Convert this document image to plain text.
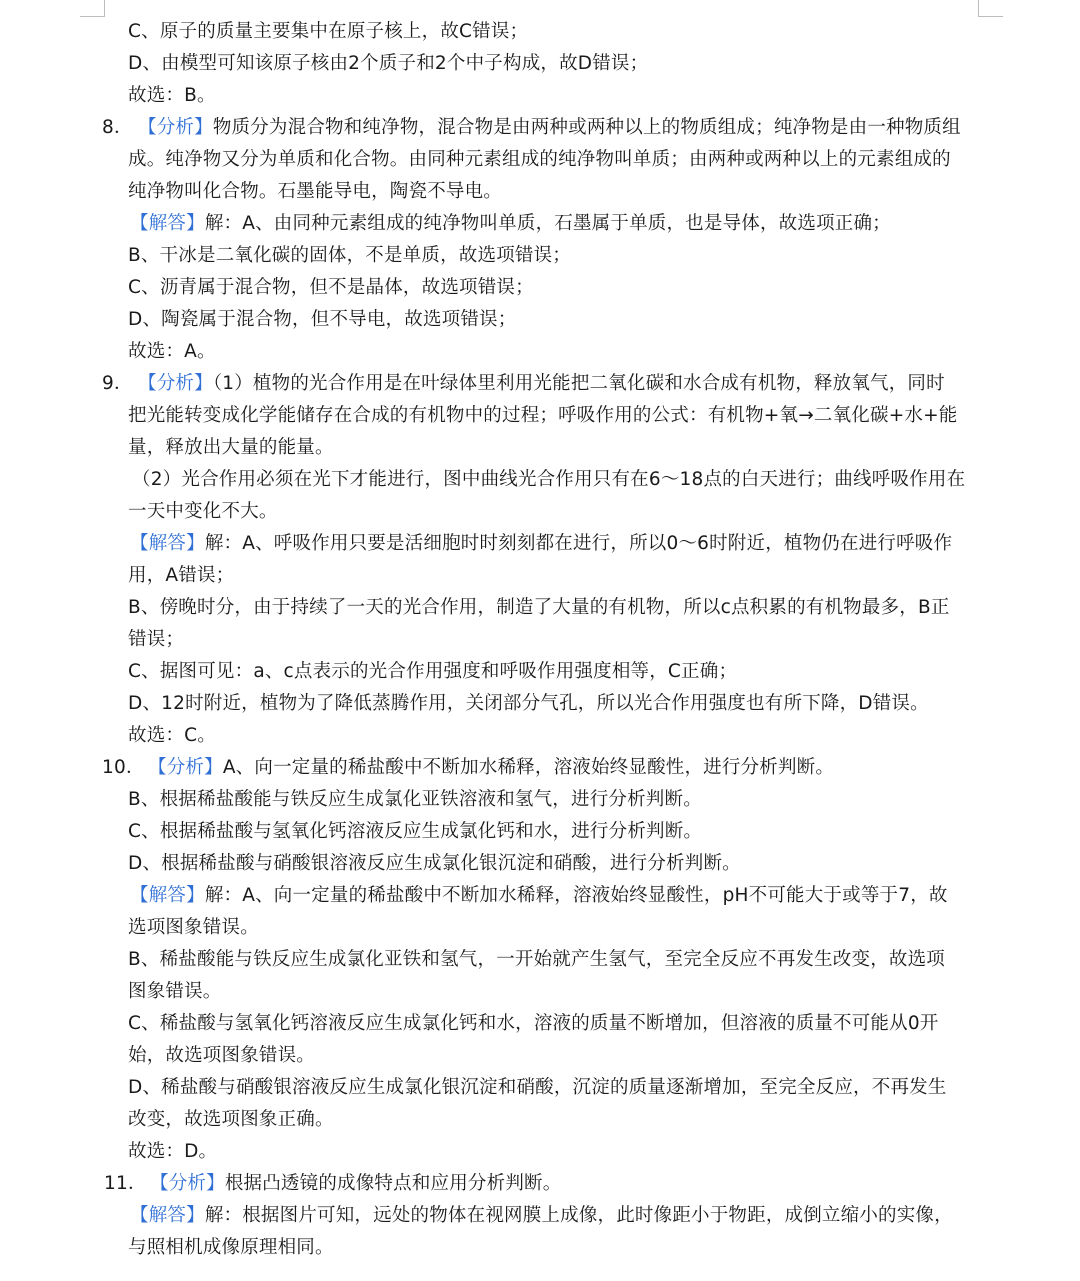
C、原子的质量主要集中在原子核上，故C错误；
D、由模型可知该原子核由2个质子和2个中子构成，故D错误；
故选：B。
8． 【分析】物质分为混合物和纯净物，混合物是由两种或两种以上的物质组成；纯净物是由一种物质组
成。纯净物又分为单质和化合物。由同种元素组成的纯净物叫单质；由两种或两种以上的元素组成的
纯净物叫化合物。石墨能导电，陶瓷不导电。
【解答】解：A、由同种元素组成的纯净物叫单质，石墨属于单质，也是导体，故选项正确；
B、干冰是二氧化碳的固体，不是单质，故选项错误；
C、沥青属于混合物，但不是晶体，故选项错误；
D、陶瓷属于混合物，但不导电，故选项错误；
故选：A。
9． 【分析】（1）植物的光合作用是在叶绿体里利用光能把二氧化碳和水合成有机物，释放氧气，同时
把光能转变成化学能储存在合成的有机物中的过程；呼吸作用的公式：有机物+氧→二氧化碳+水+能
量，释放出大量的能量。
（2）光合作用必须在光下才能进行，图中曲线光合作用只有在6～18点的白天进行；曲线呼吸作用在
一天中变化不大。
【解答】解：A、呼吸作用只要是活细胞时时刻刻都在进行，所以0～6时附近，植物仍在进行呼吸作
用，A错误；
B、傍晚时分，由于持续了一天的光合作用，制造了大量的有机物，所以c点积累的有机物最多，B正
错误；
C、据图可见：a、c点表示的光合作用强度和呼吸作用强度相等，C正确；
D、12时附近，植物为了降低蒸腾作用，关闭部分气孔，所以光合作用强度也有所下降，D错误。
故选：C。
10． 【分析】A、向一定量的稀盐酸中不断加水稀释，溶液始终显酸性，进行分析判断。
B、根据稀盐酸能与铁反应生成氯化亚铁溶液和氢气，进行分析判断。
C、根据稀盐酸与氢氧化钙溶液反应生成氯化钙和水，进行分析判断。
D、根据稀盐酸与硝酸银溶液反应生成氯化银沉淀和硝酸，进行分析判断。
【解答】解：A、向一定量的稀盐酸中不断加水稀释，溶液始终显酸性，pH不可能大于或等于7，故
选项图象错误。
B、稀盐酸能与铁反应生成氯化亚铁和氢气，一开始就产生氢气，至完全反应不再发生改变，故选项
图象错误。
C、稀盐酸与氢氧化钙溶液反应生成氯化钙和水，溶液的质量不断增加，但溶液的质量不可能从0开
始，故选项图象错误。
D、稀盐酸与硝酸银溶液反应生成氯化银沉淀和硝酸，沉淀的质量逐渐增加，至完全反应，不再发生
改变，故选项图象正确。
故选：D。
11． 【分析】根据凸透镜的成像特点和应用分析判断。
【解答】解：根据图片可知，远处的物体在视网膜上成像，此时像距小于物距，成倒立缩小的实像，
与照相机成像原理相同。
